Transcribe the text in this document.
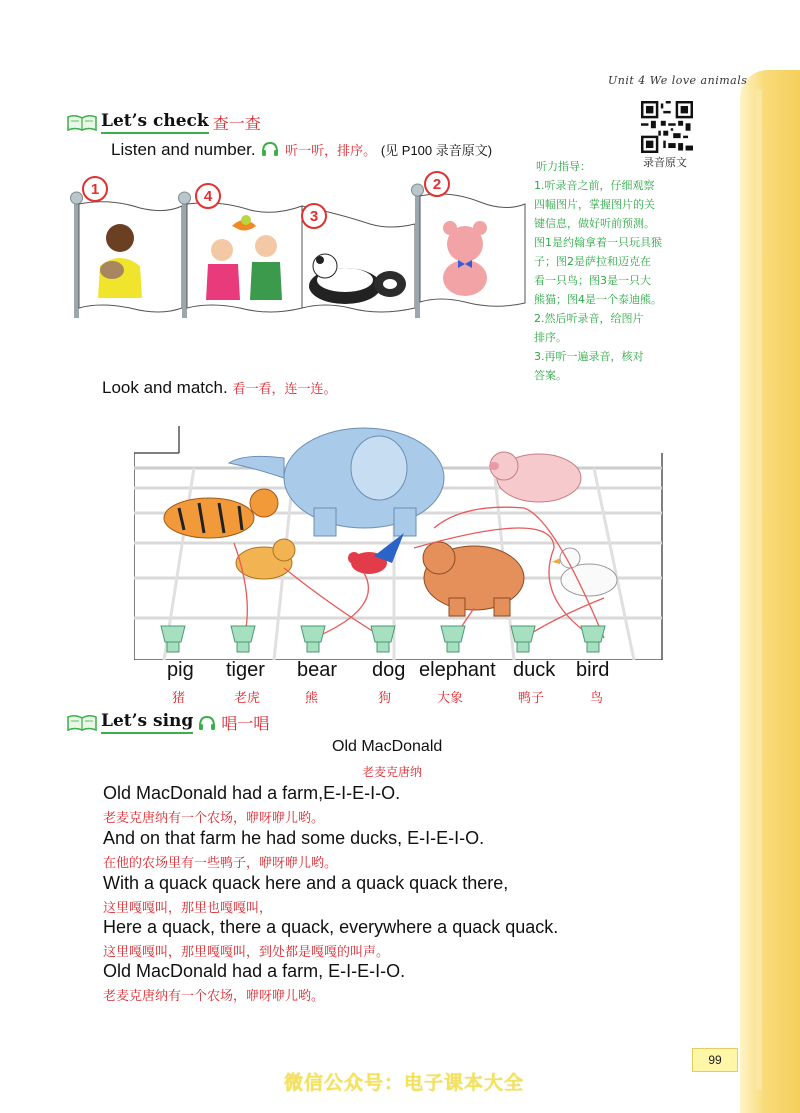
Unit 4 We love animals
录音原文
Let’s check 查一查
Listen and number. 听一听，排序。 (见 P100 录音原文)
1	4
3
2
听力指导：
1.听录音之前，仔细观察
四幅图片，掌握图片的关
键信息，做好听前预测。
图1是约翰拿着一只玩具猴
子；图2是萨拉和迈克在
看一只鸟；图3是一只大
熊猫；图4是一个泰迪熊。
2.然后听录音，给图片
排序。
3.再听一遍录音，核对
答案。
Look and match. 看一看，连一连。
pig tiger bear dog elephant duck bird
猪	老虎	熊	狗	大象	鸭子	鸟
Let’s sing 唱一唱
Old MacDonald
老麦克唐纳
Old MacDonald had a farm,E-I-E-I-O.
老麦克唐纳有一个农场，咿呀咿儿哟。
And on that farm he had some ducks, E-I-E-I-O.
在他的农场里有一些鸭子，咿呀咿儿哟。
With a quack quack here and a quack quack there,
这里嘎嘎叫，那里也嘎嘎叫，
Here a quack, there a quack, everywhere a quack quack.
这里嘎嘎叫，那里嘎嘎叫，到处都是嘎嘎的叫声。
Old MacDonald had a farm, E-I-E-I-O.
老麦克唐纳有一个农场，咿呀咿儿哟。
99
微信公众号：电子课本大全
